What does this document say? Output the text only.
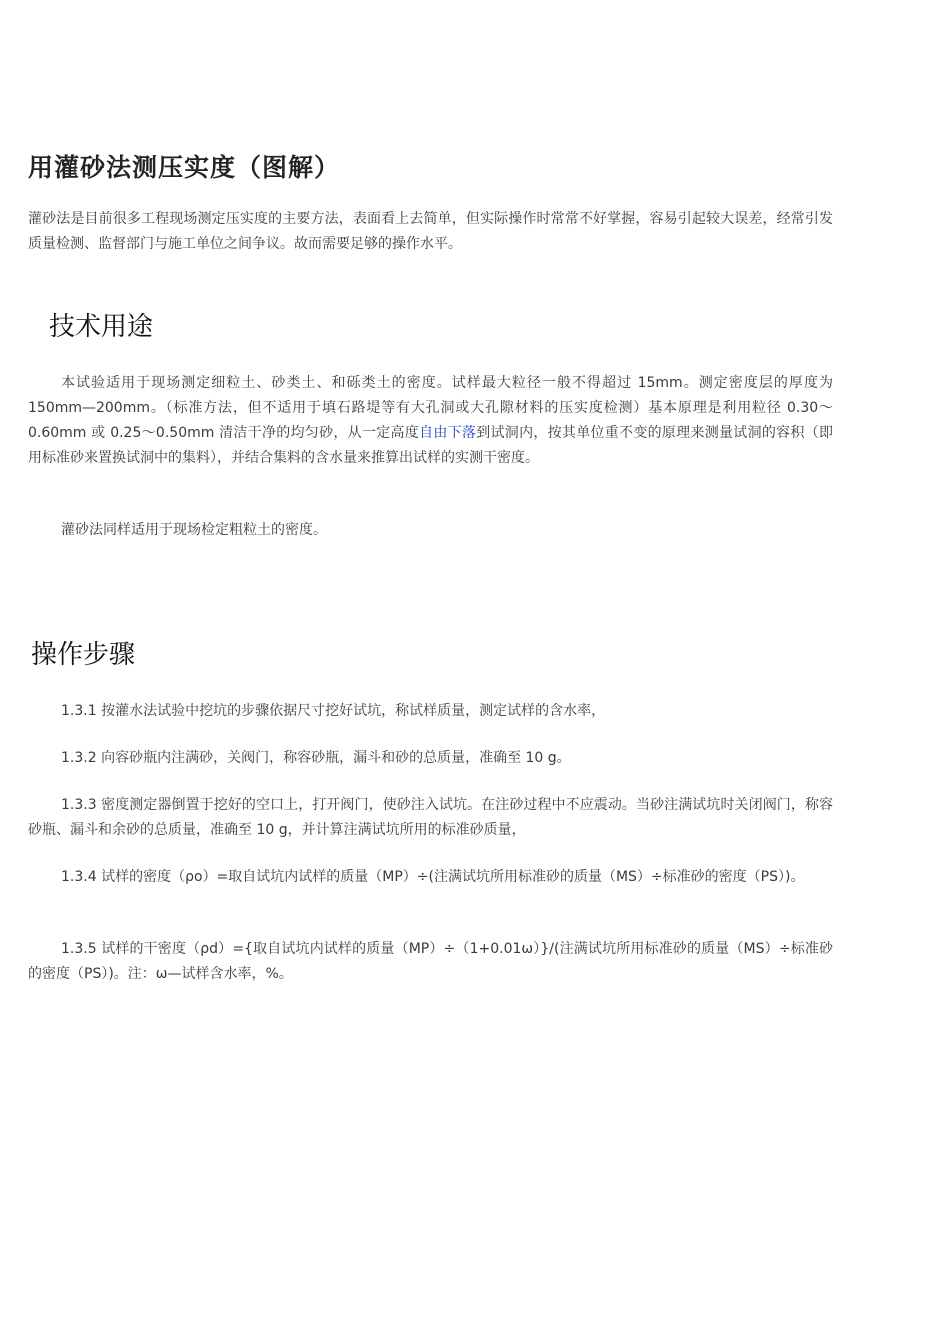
用灌砂法测压实度（图解）

灌砂法是目前很多工程现场测定压实度的主要方法，表面看上去简单，但实际操作时常常不好掌握，容易引起较大误差，经常引发质量检测、监督部门与施工单位之间争议。故而需要足够的操作水平。

技术用途

本试验适用于现场测定细粒土、砂类土、和砾类土的密度。试样最大粒径一般不得超过 15mm。测定密度层的厚度为 150mm—200mm。（标准方法，但不适用于填石路堤等有大孔洞或大孔隙材料的压实度检测）基本原理是利用粒径 0.30～0.60mm 或 0.25～0.50mm 清洁干净的均匀砂，从一定高度自由下落到试洞内，按其单位重不变的原理来测量试洞的容积（即用标准砂来置换试洞中的集料），并结合集料的含水量来推算出试样的实测干密度。

灌砂法同样适用于现场检定粗粒土的密度。

操作步骤

1.3.1 按灌水法试验中挖坑的步骤依据尺寸挖好试坑，称试样质量，测定试样的含水率，

1.3.2 向容砂瓶内注满砂，关阀门，称容砂瓶，漏斗和砂的总质量，准确至 10 g。

1.3.3 密度测定器倒置于挖好的空口上，打开阀门，使砂注入试坑。在注砂过程中不应震动。当砂注满试坑时关闭阀门，称容砂瓶、漏斗和余砂的总质量，准确至 10 g，并计算注满试坑所用的标准砂质量，

1.3.4 试样的密度（ρo）=取自试坑内试样的质量（MP）÷(注满试坑所用标准砂的质量（MS）÷标准砂的密度（PS）)。

1.3.5 试样的干密度（ρd）={取自试坑内试样的质量（MP）÷（1+0.01ω）}/(注满试坑所用标准砂的质量（MS）÷标准砂的密度（PS）)。注：ω—试样含水率，%。
